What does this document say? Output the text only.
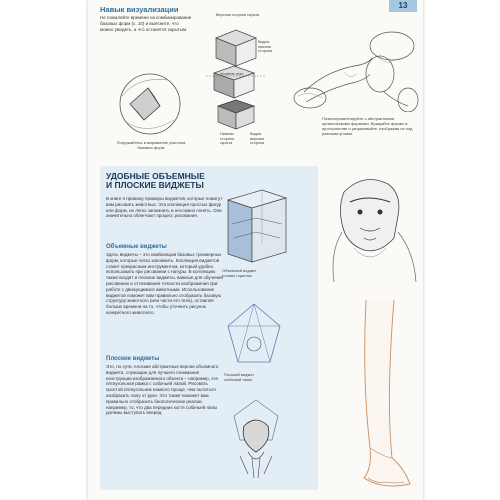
13
Навык визуализации

Не пожалейте времени на комбинирование базовых форм (с. 10) и выясните, что можно увидеть, а что останется скрытым.

Погружайтесь в выражение участков базовых форм
Верхняя сторона скрыта
Видна нижняя сторона
Уровень глаз
Нижняя сторона скрыта
Видна верхняя сторона
Поэкспериментируйте с абстрактными органическими формами. Вращайте формы в пространстве и укорачивайте, изображая их под разными углами
УДОБНЫЕ ОБЪЕМНЫЕ
И ПЛОСКИЕ ВИДЖЕТЫ

В книге я привожу примеры виджетов, которые помогут вам рисовать животных. Эта коллекция простых фигур или форм, их легко запомнить и несложно понять. Они значительно облегчают процесс рисования.

Объемные виджеты

Здесь виджеты – это комбинации базовых трехмерных форм, которые легко запомнить. Коллекция виджетов станет прекрасным инструментом, который удобно использовать при рисовании с натуры. В коллекцию также входят и плоские виджеты, важные для обучения рисованию и оттачивания точности изображения при работе с движущимися животными. Использование виджетов поможет вам правильно отобразить базовую структуру животного (или части его тела), оставляя больше времени на то, чтобы уточнить рисунок конкретного животного.

Плоские виджеты

Это, по сути, плоские абстрактные версии объемного виджета, служащие для лучшего понимания конструкции изображаемого объекта – например, эта пятиугольная рамка с собачьей лапой. Рисовать простой пятиугольник намного проще, чем пытаться изобразить лапу от руки. Это также поможет вам правильно отобразить биологические реалии, например, то, что два передних когтя собачьей лапы должны выступать вперед.

Объемный виджет головы гориллы
Плоский виджет собачьей лапы
